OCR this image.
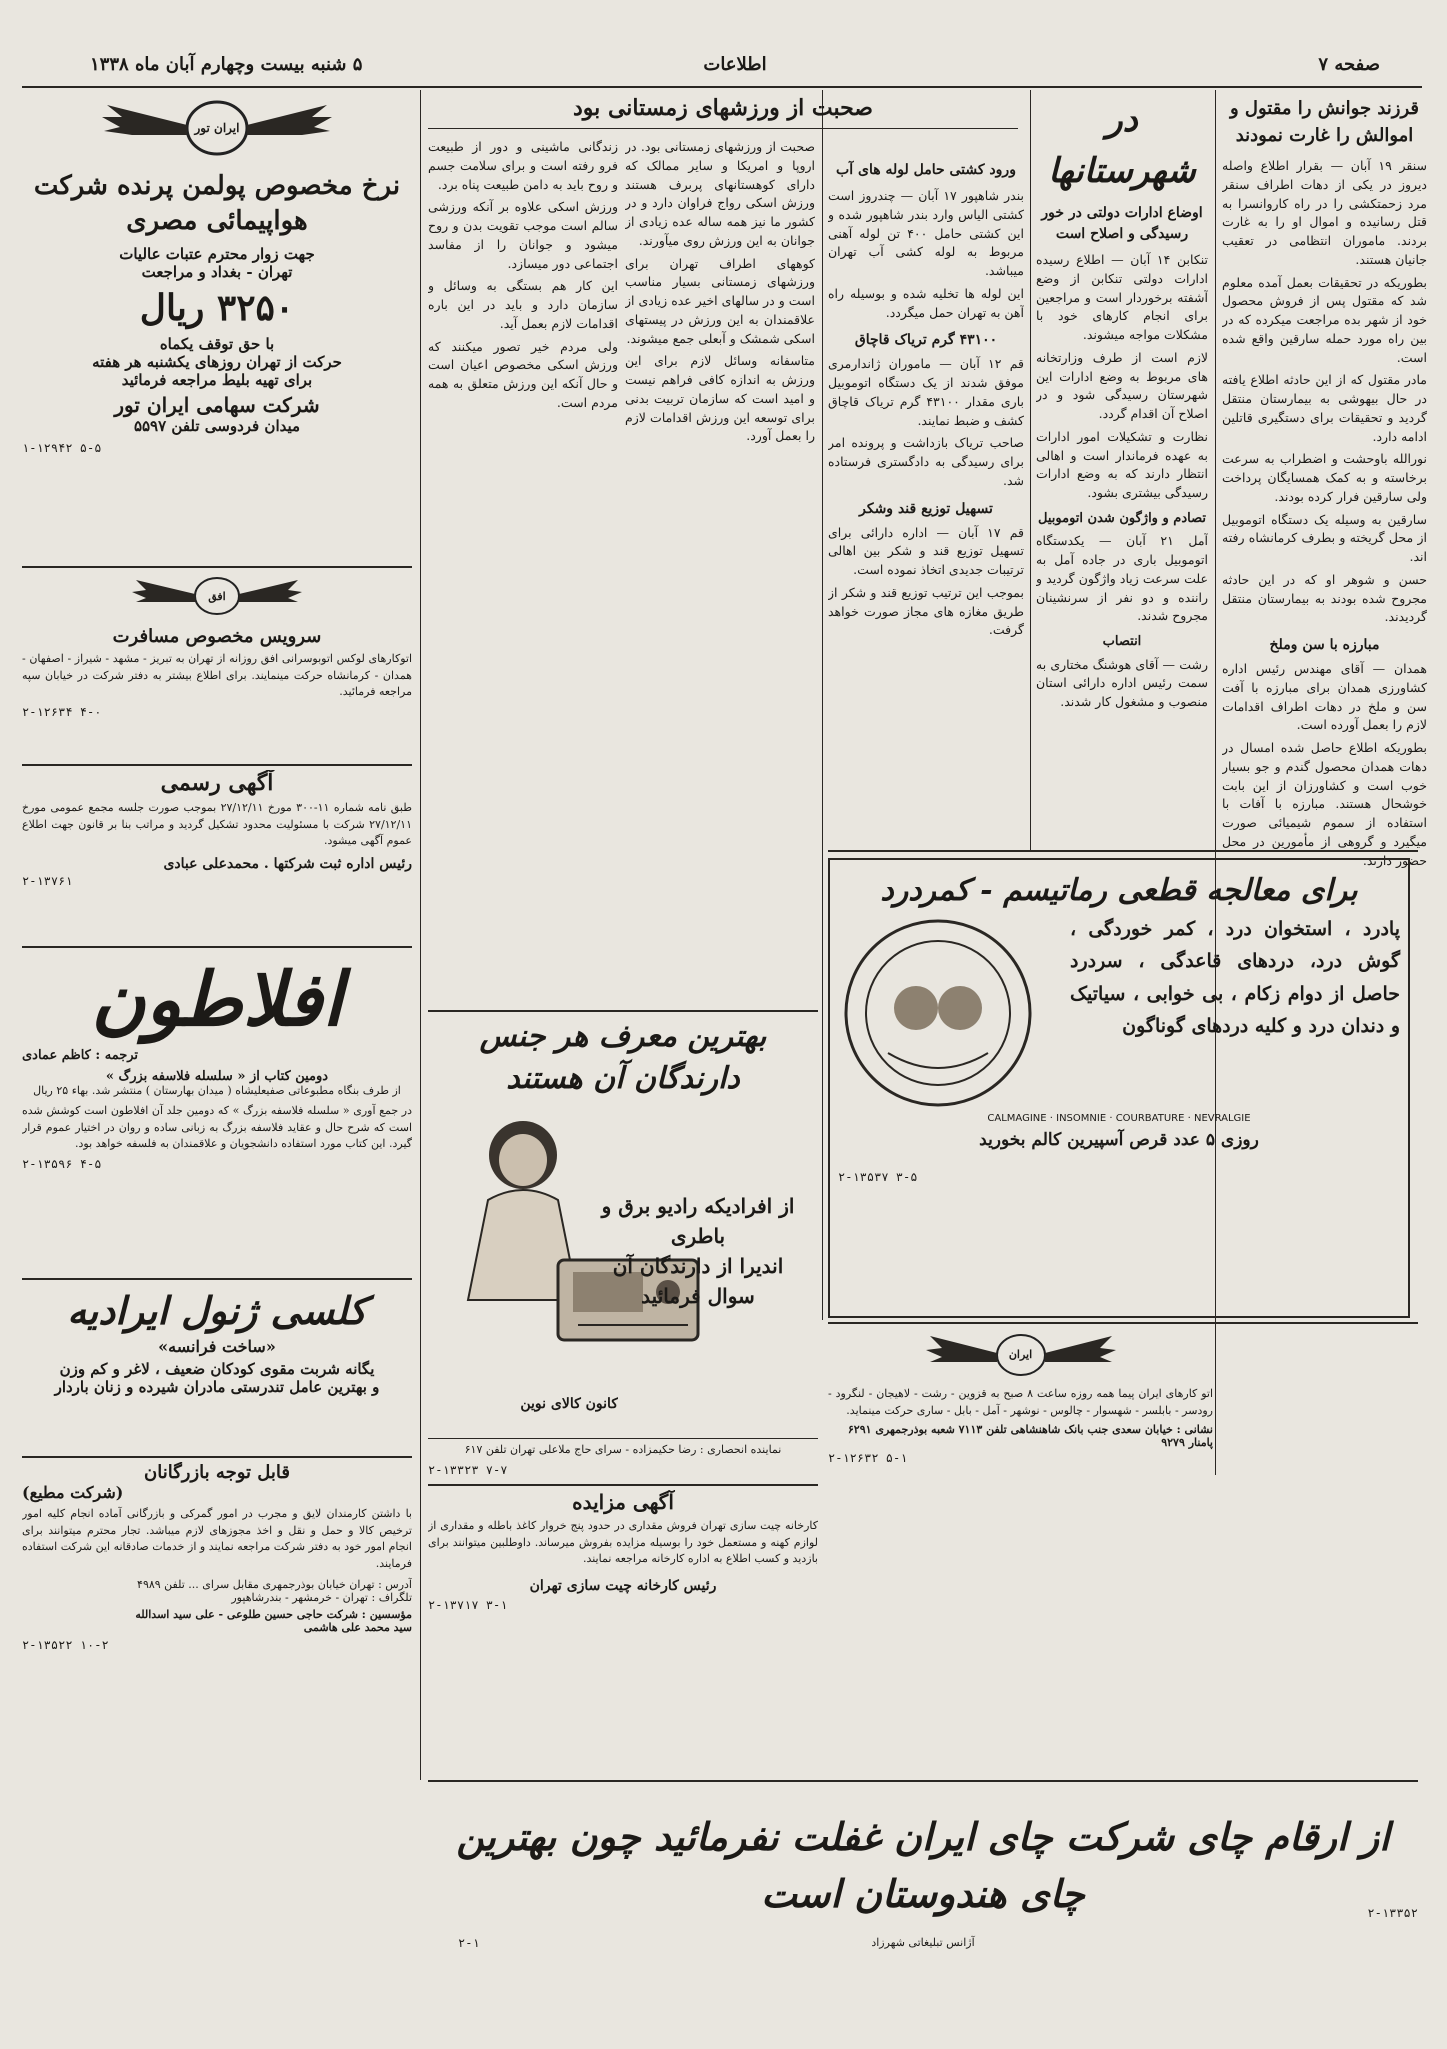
صفحه ۷
اطلاعات
۵ شنبه بیست وچهارم آبان ماه ۱۳۳۸
قرزند جوانش را مقتول و اموالش را غارت نمودند

سنقر ۱۹ آبان — بقرار اطلاع واصله ديروز در يكی از دهات اطراف سنقر مرد زحمتکشی را در راه كاروانسرا به قتل رسانیده و اموال او را به غارت بردند. ماموران انتظامی در تعقیب جانیان هستند.

بطوریکه در تحقیقات بعمل آمده معلوم شد که مقتول پس از فروش محصول خود از شهر بده مراجعت میکرده که در بین راه مورد حمله سارقین واقع شده است.

مادر مقتول که از این حادثه اطلاع یافته در حال بیهوشی به بیمارستان منتقل گردید و تحقیقات برای دستگیری قاتلین ادامه دارد.

نورالله باوحشت و اضطراب به سرعت برخاسته و به کمک همسایگان پرداخت ولی سارقین فرار کرده بودند.

سارقین به وسیله یک دستگاه اتوموبیل از محل گریخته و بطرف کرمانشاه رفته اند.

حسن و شوهر او که در این حادثه مجروح شده بودند به بیمارستان منتقل گردیدند.

مبارزه با سن وملخ

همدان — آقای مهندس رئیس اداره کشاورزی همدان برای مبارزه با آفت سن و ملخ در دهات اطراف اقدامات لازم را بعمل آورده است.

بطوریکه اطلاع حاصل شده امسال در دهات همدان محصول گندم و جو بسیار خوب است و کشاورزان از این بابت خوشحال هستند. مبارزه با آفات با استفاده از سموم شیمیائی صورت میگیرد و گروهی از مأمورین در محل حضور دارند.

در شهرستانها
اوضاع ادارات دولتی در خور رسیدگی و اصلاح است

تنکابن ۱۴ آبان — اطلاع رسیده ادارات دولتی تنکابن از وضع آشفته برخوردار است و مراجعین برای انجام کارهای خود با مشکلات مواجه میشوند.

لازم است از طرف وزارتخانه های مربوط به وضع ادارات این شهرستان رسیدگی شود و در اصلاح آن اقدام گردد.

نظارت و تشکیلات امور ادارات به عهده فرماندار است و اهالی انتظار دارند که به وضع ادارات رسیدگی بیشتری بشود.

تصادم و واژگون شدن اتوموبیل

آمل ۲۱ آبان — یکدستگاه اتوموبیل باری در جاده آمل به علت سرعت زیاد واژگون گردید و راننده و دو نفر از سرنشینان مجروح شدند.

انتصاب

رشت — آقای هوشنگ مختاری به سمت رئیس اداره دارائی استان منصوب و مشغول کار شدند.

ورود کشتی حامل لوله های آب

بندر شاهپور ۱۷ آبان — چندروز است کشتی الیاس وارد بندر شاهپور شده و این کشتی حامل ۴۰۰ تن لوله آهنی مربوط به لوله کشی آب تهران میباشد.

این لوله ها تخلیه شده و بوسیله راه آهن به تهران حمل میگردد.

۴۳۱۰۰ گرم تریاک قاچاق

قم ۱۲ آبان — ماموران ژاندارمری موفق شدند از یک دستگاه اتوموبیل باری مقدار ۴۳۱۰۰ گرم تریاک قاچاق کشف و ضبط نمایند.

صاحب تریاک بازداشت و پرونده امر برای رسیدگی به دادگستری فرستاده شد.

تسهیل توزیع قند وشکر

قم ۱۷ آبان — اداره دارائی برای تسهیل توزیع قند و شکر بین اهالی ترتیبات جدیدی اتخاذ نموده است.

بموجب این ترتیب توزیع قند و شکر از طریق مغازه های مجاز صورت خواهد گرفت.

صحبت از ورزشهای زمستانی بود

صحبت از ورزشهای زمستانی بود. در اروپا و امریکا و سایر ممالک که دارای کوهستانهای پربرف هستند ورزش اسکی رواج فراوان دارد و در کشور ما نیز همه ساله عده زیادی از جوانان به این ورزش روی میآورند.

کوههای اطراف تهران برای ورزشهای زمستانی بسیار مناسب است و در سالهای اخیر عده زیادی از علاقمندان به این ورزش در پیستهای اسکی شمشک و آبعلی جمع میشوند.

متاسفانه وسائل لازم برای این ورزش به اندازه کافی فراهم نیست و امید است که سازمان تربیت بدنی برای توسعه این ورزش اقدامات لازم را بعمل آورد.

زندگانی ماشینی و دور از طبیعت فرو رفته است و برای سلامت جسم و روح باید به دامن طبیعت پناه برد.

ورزش اسکی علاوه بر آنکه ورزشی سالم است موجب تقویت بدن و روح میشود و جوانان را از مفاسد اجتماعی دور میسازد.

این کار هم بستگی به وسائل و سازمان دارد و باید در این باره اقدامات لازم بعمل آید.

ولی مردم خیر تصور میکنند که ورزش اسکی مخصوص اعیان است و حال آنکه این ورزش متعلق به همه مردم است.

ایران تور
نرخ مخصوص پولمن پرنده شرکت هواپیمائی مصری
جهت زوار محترم عتبات عالیات
تهران - بغداد و مراجعت
۳۲۵۰ ریال
با حق توقف یکماه
حرکت از تهران روزهای یکشنبه هر هفته
برای تهیه بلیط مراجعه فرمائید
شرکت سهامی ایران تور
میدان فردوسی تلفن ۵۵۹۷
۱-۱۲۹۴۲ ۵-۵
افق
سرویس مخصوص مسافرت
اتوکارهای لوکس اتوبوسرانی افق روزانه از تهران به تبریز - مشهد - شیراز - اصفهان - همدان - کرمانشاه حرکت مینمایند. برای اطلاع بیشتر به دفتر شرکت در خیابان سپه مراجعه فرمائید.
۲-۱۲۶۳۴ ۴-۰
آگهی رسمی
طبق نامه شماره ۱۱-۳۰۰ مورخ ۲۷/۱۲/۱۱ بموجب صورت جلسه مجمع عمومی مورخ ۲۷/۱۲/۱۱ شرکت با مسئولیت محدود تشکیل گردید و مراتب بنا بر قانون جهت اطلاع عموم آگهی میشود.
رئیس اداره ثبت شرکتها . محمدعلی عبادی
۲-۱۳۷۶۱
افلاطون
ترجمه : کاظم عمادی
دومین کتاب از « سلسله فلاسفه بزرگ »
از طرف بنگاه مطبوعاتی صفیعلیشاه ( میدان بهارستان ) منتشر شد. بهاء ۲۵ ریال
در جمع آوری « سلسله فلاسفه بزرگ » که دومین جلد آن افلاطون است کوشش شده است که شرح حال و عقاید فلاسفه بزرگ به زبانی ساده و روان در اختیار عموم قرار گیرد. این کتاب مورد استفاده دانشجویان و علاقمندان به فلسفه خواهد بود.
۲-۱۳۵۹۶ ۴-۵
کلسی ژنول ایرادیه
«ساخت فرانسه»
یگانه شربت مقوی کودکان ضعیف ، لاغر و کم وزن
و بهترین عامل تندرستی مادران شیرده و زنان باردار
قابل توجه بازرگانان
(شرکت مطیع)
با داشتن کارمندان لایق و مجرب در امور گمرکی و بازرگانی آماده انجام کلیه امور ترخیص کالا و حمل و نقل و اخذ مجوزهای لازم میباشد. تجار محترم میتوانند برای انجام امور خود به دفتر شرکت مراجعه نمایند و از خدمات صادقانه این شرکت استفاده فرمایند.
آدرس : تهران خیابان بوذرجمهری مقابل سرای ... تلفن ۴۹۸۹
تلگراف : تهران - خرمشهر - بندرشاهپور
مؤسسین : شرکت حاجی حسین طلوعی - علی سید اسدالله
سید محمد علی هاشمی
۲-۱۳۵۲۲ ۱۰-۲
بهترین معرف هر جنس دارندگان آن هستند
از افرادیکه رادیو برق و باطری
اندیرا از دارندگان آن
سوال فرمائید
کانون کالای نوین
نماینده انحصاری : رضا حکیمزاده - سرای حاج ملاعلی تهران تلفن ۶۱۷
۲-۱۳۳۲۳ ۷-۷
برای معالجه قطعی رماتیسم - کمردرد
پادرد ، استخوان درد ، کمر خوردگی ، گوش درد، دردهای قاعدگی ، سردرد حاصل از دوام زکام ، بی خوابی ، سیاتیک و دندان درد و کلیه دردهای گوناگون
CALMAGINE · INSOMNIE · COURBATURE · NEVRALGIE
روزی ۵ عدد قرص آسپیرین کالم بخورید
۲-۱۳۵۳۷ ۳-۵
آگهی مزایده
کارخانه چیت سازی تهران فروش مقداری در حدود پنج خروار کاغذ باطله و مقداری از لوازم کهنه و مستعمل خود را بوسیله مزایده بفروش میرساند. داوطلبین میتوانند برای بازدید و کسب اطلاع به اداره کارخانه مراجعه نمایند.
رئیس کارخانه چیت سازی تهران
۲-۱۳۷۱۷ ۳-۱
ایران
اتو کارهای ایران پیما همه روزه ساعت ۸ صبح به قزوین - رشت - لاهیجان - لنگرود - رودسر - بابلسر - شهسوار - چالوس - نوشهر - آمل - بابل - ساری حرکت مینماید.
نشانی : خیابان سعدی جنب بانک شاهنشاهی تلفن ۷۱۱۳ شعبه بوذرجمهری ۶۲۹۱ پامنار ۹۲۷۹
۲-۱۲۶۳۲ ۵-۱
از ارقام چای شرکت چای ایران غفلت نفرمائید چون بهترین چای هندوستان است	۲-۱۳۳۵۲
آژانس تبلیغاتی شهرزاد
۲-۱
